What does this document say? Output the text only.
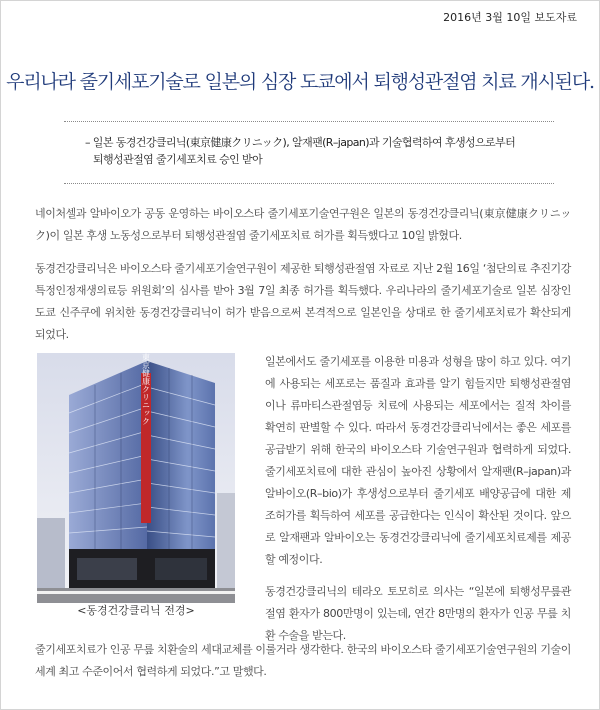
2016년 3월 10일 보도자료
우리나라 줄기세포기술로 일본의 심장 도쿄에서 퇴행성관절염 치료 개시된다.
– 일본 동경건강클리닉(東京健康クリニック), 알재팬(R–japan)과 기술협력하여 후생성으로부터
퇴행성관절염 줄기세포치료 승인 받아
네이처셀과 알바이오가 공동 운영하는 바이오스타 줄기세포기술연구원은 일본의 동경건강클리닉(東京健康クリニック)이 일본 후생 노동성으로부터 퇴행성관절염 줄기세포치료 허가를 획득했다고 10일 밝혔다.
동경건강클리닉은 바이오스타 줄기세포기술연구원이 제공한 퇴행성관절염 자료로 지난 2월 16일 ‘첨단의료 추진기강 특정인정재생의료등 위원회’의 심사를 받아 3월 7일 최종 허가를 획득했다. 우리나라의 줄기세포기술로 일본 심장인 도쿄 신주쿠에 위치한 동경건강클리닉이 허가 받음으로써 본격적으로 일본인을 상대로 한 줄기세포치료가 확산되게 되었다.
東京健康クリニック
<동경건강클리닉 전경>
일본에서도 줄기세포를 이용한 미용과 성형을 많이 하고 있다. 여기에 사용되는 세포로는 품질과 효과를 알기 힘들지만 퇴행성관절염이나 류마티스관절염등 치료에 사용되는 세포에서는 질적 차이를 확연히 판별할 수 있다. 따라서 동경건강클리닉에서는 좋은 세포를 공급받기 위해 한국의 바이오스타 기술연구원과 협력하게 되었다. 줄기세포치료에 대한 관심이 높아진 상황에서 알재팬(R–japan)과 알바이오(R–bio)가 후생성으로부터 줄기세포 배양공급에 대한 제조허가를 획득하여 세포를 공급한다는 인식이 확산된 것이다. 앞으로 알재팬과 알바이오는 동경건강클리닉에 줄기세포치료제를 제공할 예정이다.
동경건강클리닉의 테라오 토모히로 의사는 “일본에 퇴행성무릎관절염 환자가 800만명이 있는데, 연간 8만명의 환자가 인공 무릎 치환 수술을 받는다.
줄기세포치료가 인공 무릎 치환술의 세대교체를 이룰거라 생각한다. 한국의 바이오스타 줄기세포기술연구원의 기술이 세계 최고 수준이어서 협력하게 되었다.”고 말했다.
